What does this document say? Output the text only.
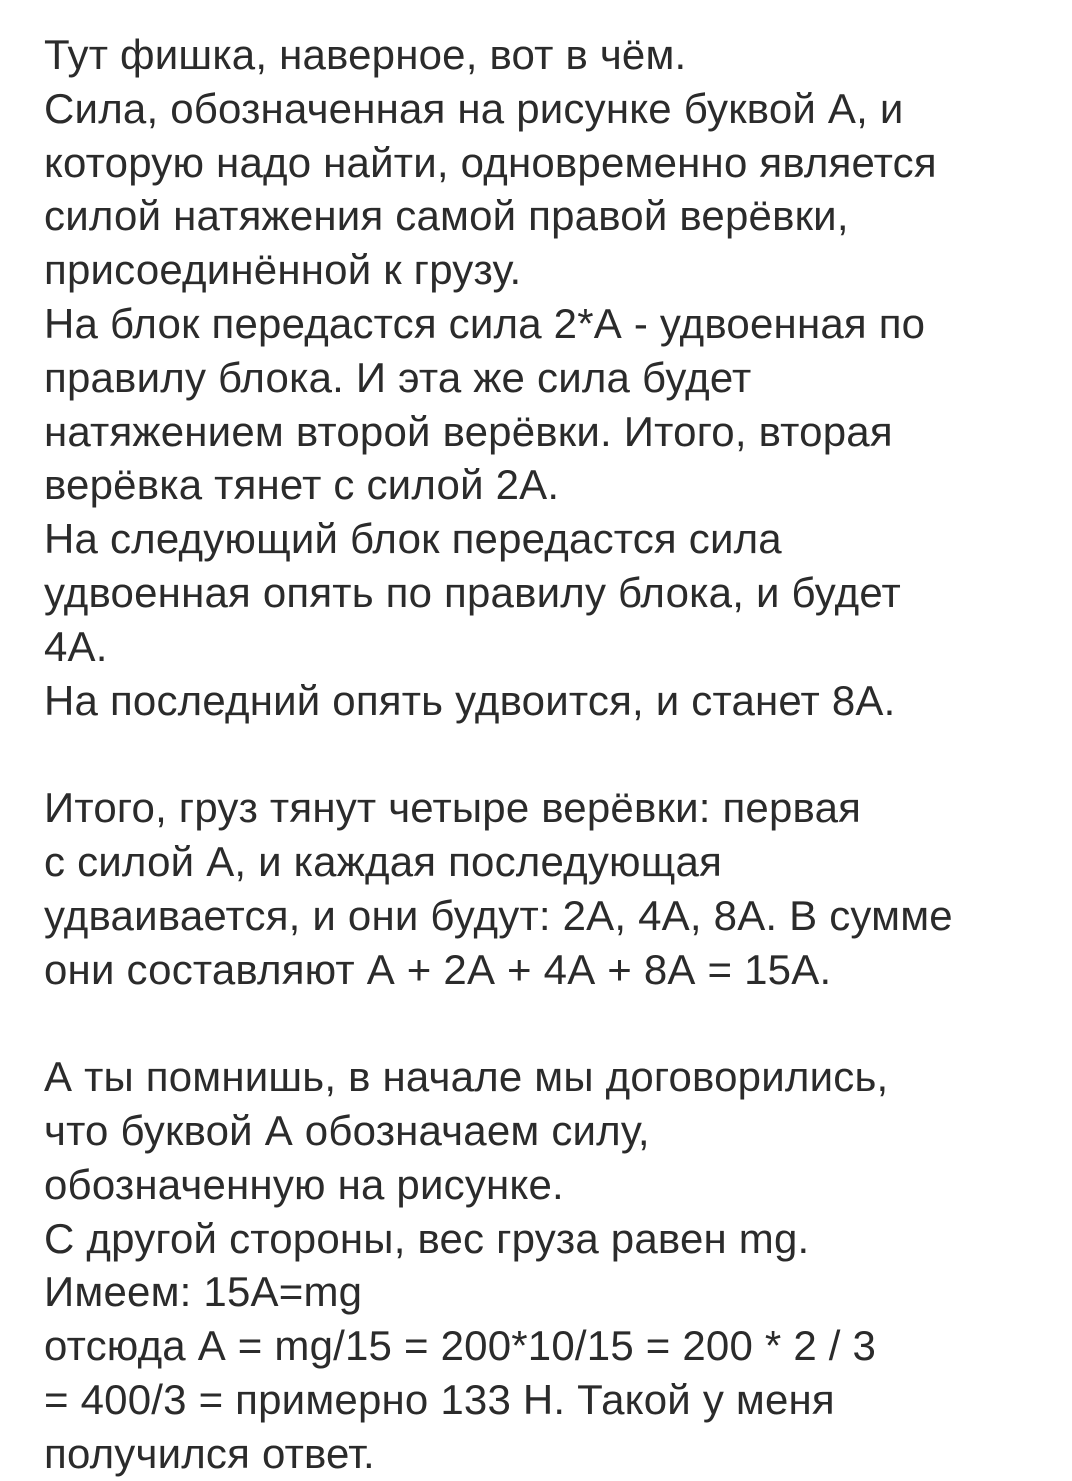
Тут фишка, наверное, вот в чём.
Сила, обозначенная на рисунке буквой А, и
которую надо найти, одновременно является
силой натяжения самой правой верёвки,
присоединённой к грузу.
На блок передастся сила 2*А - удвоенная по
правилу блока. И эта же сила будет
натяжением второй верёвки. Итого, вторая
верёвка тянет с силой 2А.
На следующий блок передастся сила
удвоенная опять по правилу блока, и будет
4А.
На последний опять удвоится, и станет 8А.
Итого, груз тянут четыре верёвки: первая
с силой А, и каждая последующая
удваивается, и они будут: 2А, 4А, 8А. В сумме
они составляют А + 2А + 4А + 8А = 15А.
А ты помнишь, в начале мы договорились,
что буквой А обозначаем силу,
обозначенную на рисунке.
С другой стороны, вес груза равен mg.
Имеем: 15А=mg
отсюда А = mg/15 = 200*10/15 = 200 * 2 / 3
= 400/3 = примерно 133 Н. Такой у меня
получился ответ.
